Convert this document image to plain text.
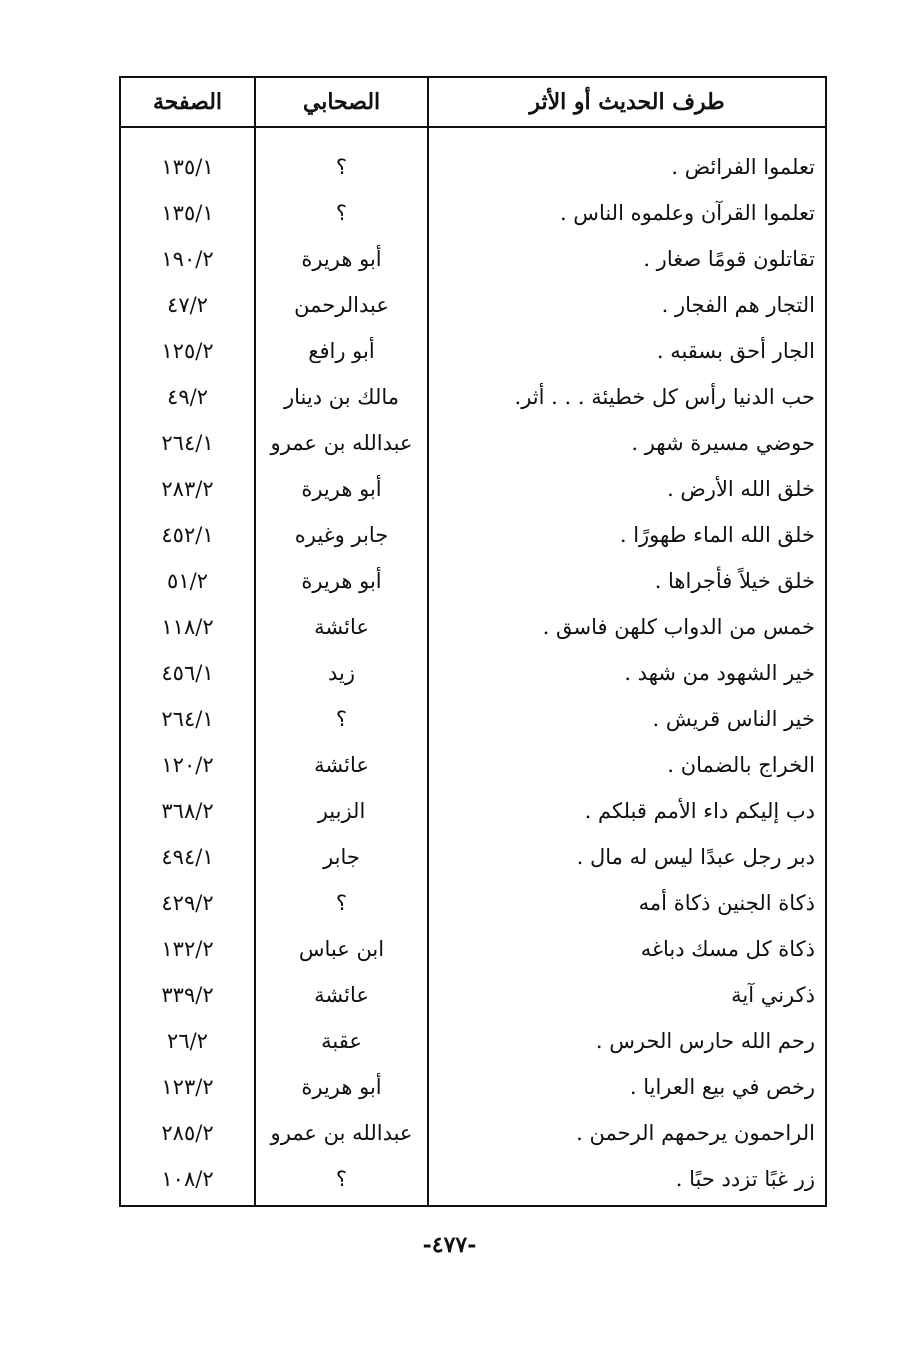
طرف الحديث أو الأثر
الصحابي
الصفحة
تعلموا الفرائض .
؟
١٣٥/١
تعلموا القرآن وعلموه الناس .
؟
١٣٥/١
تقاتلون قومًا صغار .
أبو هريرة
١٩٠/٢
التجار هم الفجار .
عبدالرحمن
٤٧/٢
الجار أحق بسقبه .
أبو رافع
١٢٥/٢
حب الدنيا رأس كل خطيئة . . . أثر.
مالك بن دينار
٤٩/٢
حوضي مسيرة شهر .
عبدالله بن عمرو
٢٦٤/١
خلق الله الأرض .
أبو هريرة
٢٨٣/٢
خلق الله الماء طهورًا .
جابر وغيره
٤٥٢/١
خلق خيلاً فأجراها .
أبو هريرة
٥١/٢
خمس من الدواب كلهن فاسق .
عائشة
١١٨/٢
خير الشهود من شهد .
زيد
٤٥٦/١
خير الناس قريش .
؟
٢٦٤/١
الخراج بالضمان .
عائشة
١٢٠/٢
دب إليكم داء الأمم قبلكم .
الزبير
٣٦٨/٢
دبر رجل عبدًا ليس له مال .
جابر
٤٩٤/١
ذكاة الجنين ذكاة أمه
؟
٤٢٩/٢
ذكاة كل مسك دباغه
ابن عباس
١٣٢/٢
ذكرني آية
عائشة
٣٣٩/٢
رحم الله حارس الحرس .
عقبة
٢٦/٢
رخص في بيع العرايا .
أبو هريرة
١٢٣/٢
الراحمون يرحمهم الرحمن .
عبدالله بن عمرو
٢٨٥/٢
زر غبًا تزدد حبًا .
؟
١٠٨/٢
-٤٧٧-
